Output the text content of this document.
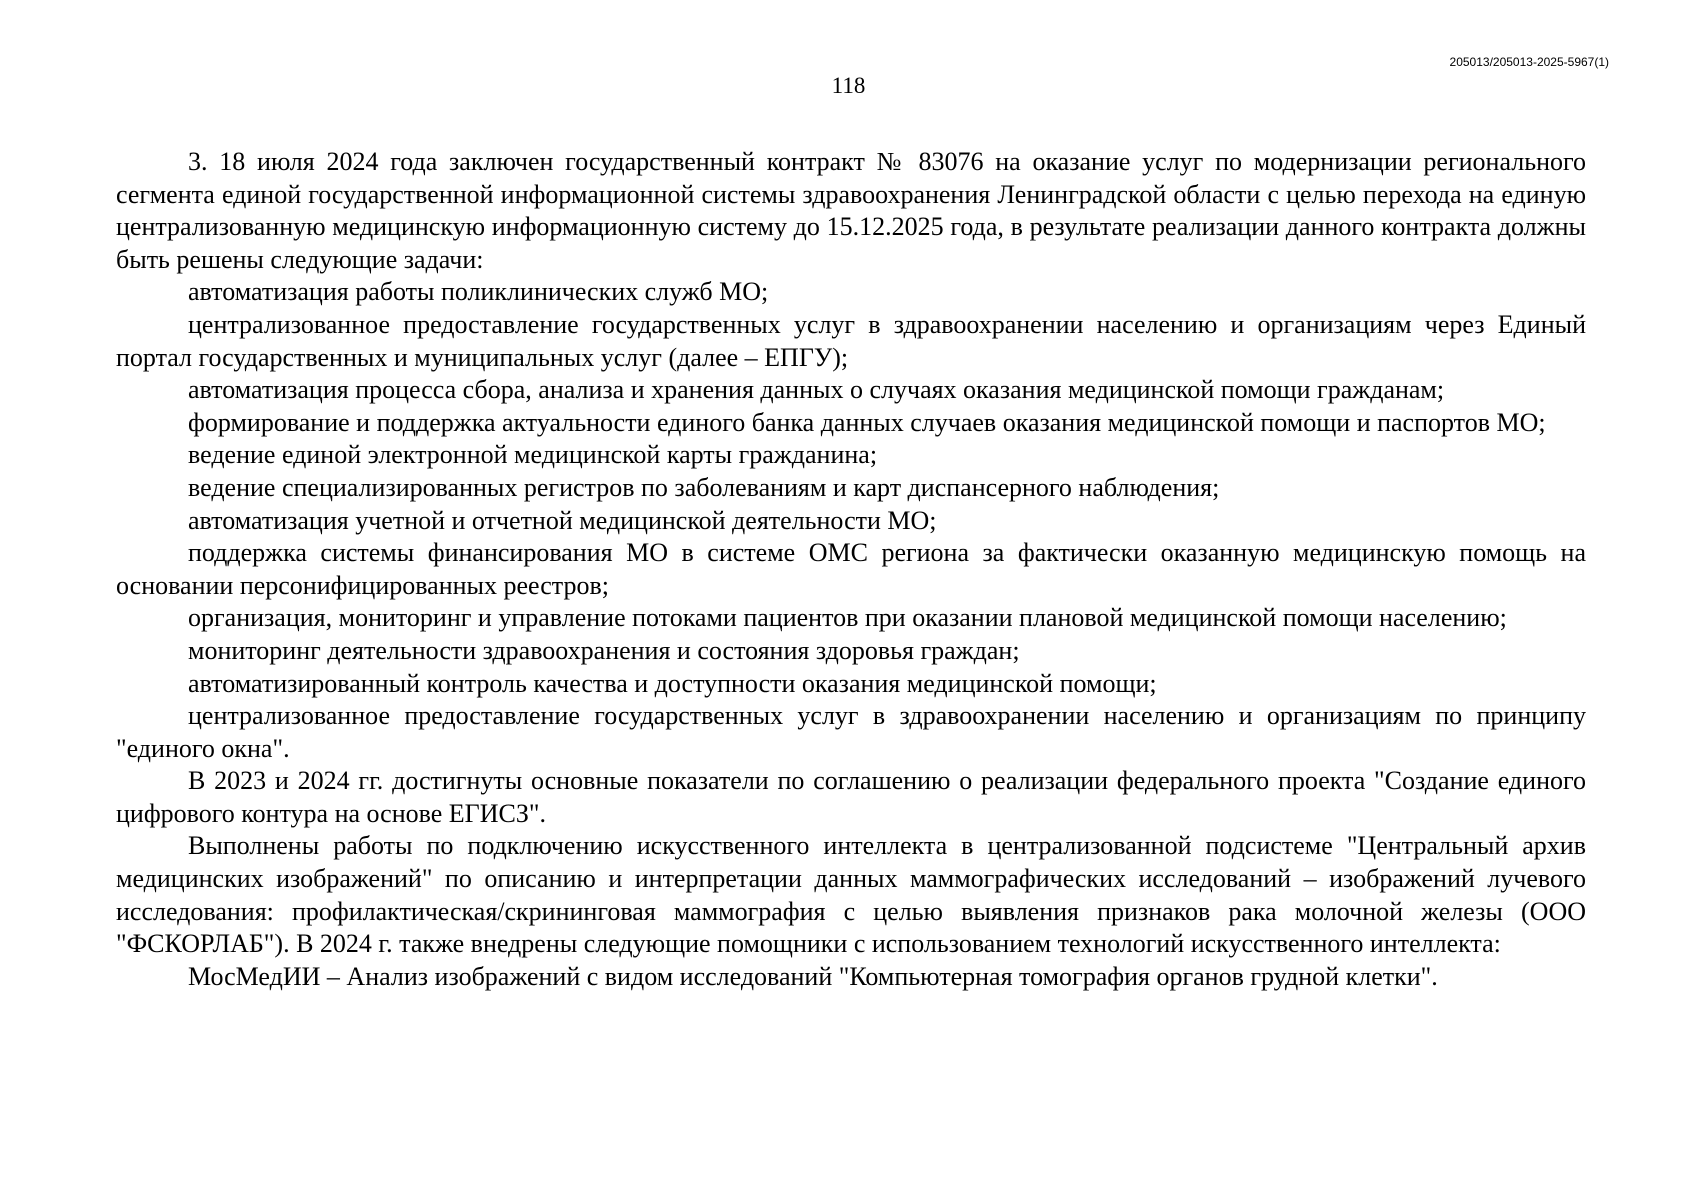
205013/205013-2025-5967(1)
118

3. 18 июля 2024 года заключен государственный контракт № 83076 на оказание услуг по модернизации регионального сегмента единой государственной информационной системы здравоохранения Ленинградской области с целью перехода на единую централизованную медицинскую информационную систему до 15.12.2025 года, в результате реализации данного контракта должны быть решены следующие задачи:

автоматизация работы поликлинических служб МО;

централизованное предоставление государственных услуг в здравоохранении населению и организациям через Единый портал государственных и муниципальных услуг (далее – ЕПГУ);

автоматизация процесса сбора, анализа и хранения данных о случаях оказания медицинской помощи гражданам;

формирование и поддержка актуальности единого банка данных случаев оказания медицинской помощи и паспортов МО;

ведение единой электронной медицинской карты гражданина;

ведение специализированных регистров по заболеваниям и карт диспансерного наблюдения;

автоматизация учетной и отчетной медицинской деятельности МО;

поддержка системы финансирования МО в системе ОМС региона за фактически оказанную медицинскую помощь на основании персонифицированных реестров;

организация, мониторинг и управление потоками пациентов при оказании плановой медицинской помощи населению;

мониторинг деятельности здравоохранения и состояния здоровья граждан;

автоматизированный контроль качества и доступности оказания медицинской помощи;

централизованное предоставление государственных услуг в здравоохранении населению и организациям по принципу "единого окна".

В 2023 и 2024 гг. достигнуты основные показатели по соглашению о реализации федерального проекта "Создание единого цифрового контура на основе ЕГИСЗ".

Выполнены работы по подключению искусственного интеллекта в централизованной подсистеме "Центральный архив медицинских изображений" по описанию и интерпретации данных маммографических исследований – изображений лучевого исследования: профилактическая/скрининговая маммография с целью выявления признаков рака молочной железы (ООО "ФСКОРЛАБ"). В 2024 г. также внедрены следующие помощники с использованием технологий искусственного интеллекта:

МосМедИИ – Анализ изображений с видом исследований "Компьютерная томография органов грудной клетки".
